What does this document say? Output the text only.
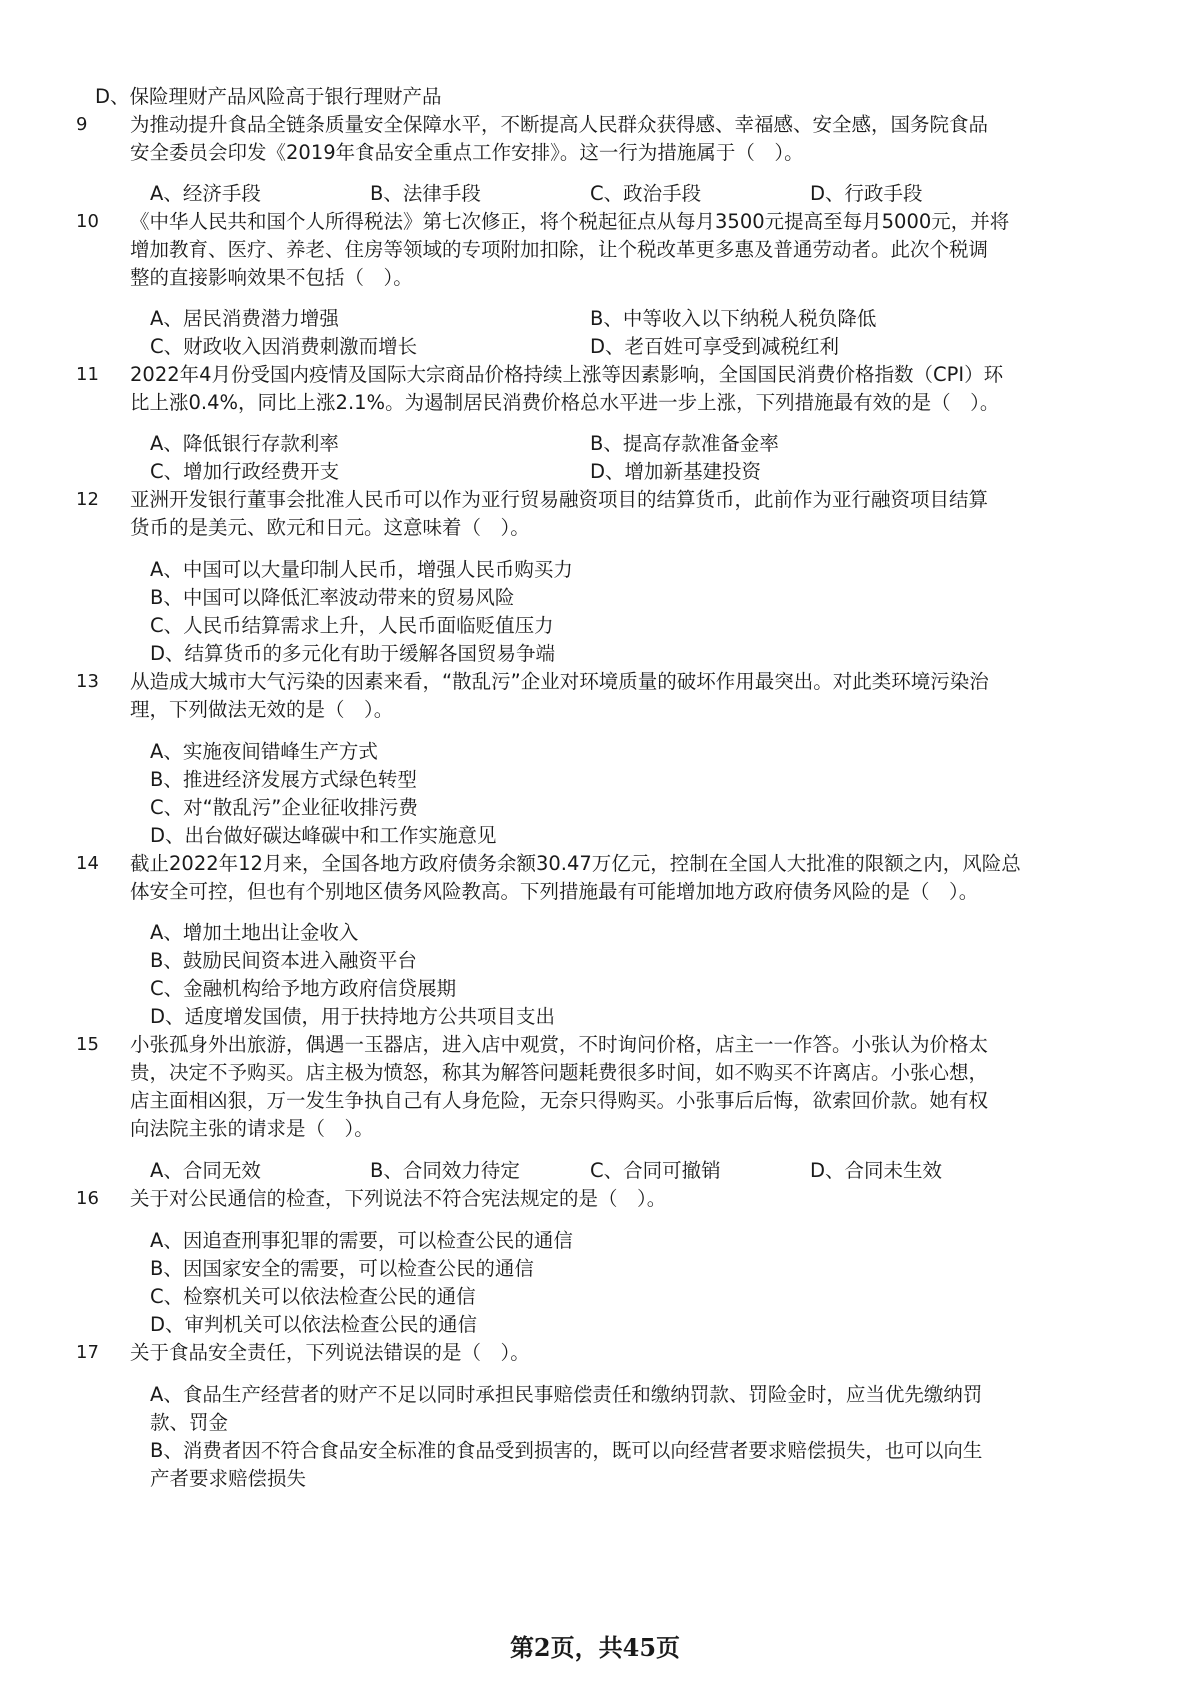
D、保险理财产品风险高于银行理财产品
9	为推动提升食品全链条质量安全保障水平，不断提高人民群众获得感、幸福感、安全感，国务院食品
安全委员会印发《2019年食品安全重点工作安排》。这一行为措施属于（　）。
A、经济手段	B、法律手段	C、政治手段	D、行政手段
10	《中华人民共和国个人所得税法》第七次修正，将个税起征点从每月3500元提高至每月5000元，并将
增加教育、医疗、养老、住房等领域的专项附加扣除，让个税改革更多惠及普通劳动者。此次个税调
整的直接影响效果不包括（　）。
A、居民消费潜力增强	B、中等收入以下纳税人税负降低
C、财政收入因消费刺激而增长	D、老百姓可享受到减税红利
11	2022年4月份受国内疫情及国际大宗商品价格持续上涨等因素影响，全国国民消费价格指数（CPI）环
比上涨0.4%，同比上涨2.1%。为遏制居民消费价格总水平进一步上涨，下列措施最有效的是（　）。
A、降低银行存款利率	B、提高存款准备金率
C、增加行政经费开支	D、增加新基建投资
12	亚洲开发银行董事会批准人民币可以作为亚行贸易融资项目的结算货币，此前作为亚行融资项目结算
货币的是美元、欧元和日元。这意味着（　）。
A、中国可以大量印制人民币，增强人民币购买力
B、中国可以降低汇率波动带来的贸易风险
C、人民币结算需求上升，人民币面临贬值压力
D、结算货币的多元化有助于缓解各国贸易争端
13	从造成大城市大气污染的因素来看，“散乱污”企业对环境质量的破坏作用最突出。对此类环境污染治
理，下列做法无效的是（　）。
A、实施夜间错峰生产方式
B、推进经济发展方式绿色转型
C、对“散乱污”企业征收排污费
D、出台做好碳达峰碳中和工作实施意见
14	截止2022年12月来，全国各地方政府债务余额30.47万亿元，控制在全国人大批准的限额之内，风险总
体安全可控，但也有个别地区债务风险教高。下列措施最有可能增加地方政府债务风险的是（　）。
A、增加土地出让金收入
B、鼓励民间资本进入融资平台
C、金融机构给予地方政府信贷展期
D、适度增发国债，用于扶持地方公共项目支出
15	小张孤身外出旅游，偶遇一玉器店，进入店中观赏，不时询问价格，店主一一作答。小张认为价格太
贵，决定不予购买。店主极为愤怒，称其为解答问题耗费很多时间，如不购买不许离店。小张心想，
店主面相凶狠，万一发生争执自己有人身危险，无奈只得购买。小张事后后悔，欲索回价款。她有权
向法院主张的请求是（　）。
A、合同无效	B、合同效力待定	C、合同可撤销	D、合同未生效
16	关于对公民通信的检查，下列说法不符合宪法规定的是（　）。
A、因追查刑事犯罪的需要，可以检查公民的通信
B、因国家安全的需要，可以检查公民的通信
C、检察机关可以依法检查公民的通信
D、审判机关可以依法检查公民的通信
17	关于食品安全责任，下列说法错误的是（　）。
A、食品生产经营者的财产不足以同时承担民事赔偿责任和缴纳罚款、罚险金时，应当优先缴纳罚
款、罚金
B、消费者因不符合食品安全标准的食品受到损害的，既可以向经营者要求赔偿损失，也可以向生
产者要求赔偿损失
第2页，共45页
